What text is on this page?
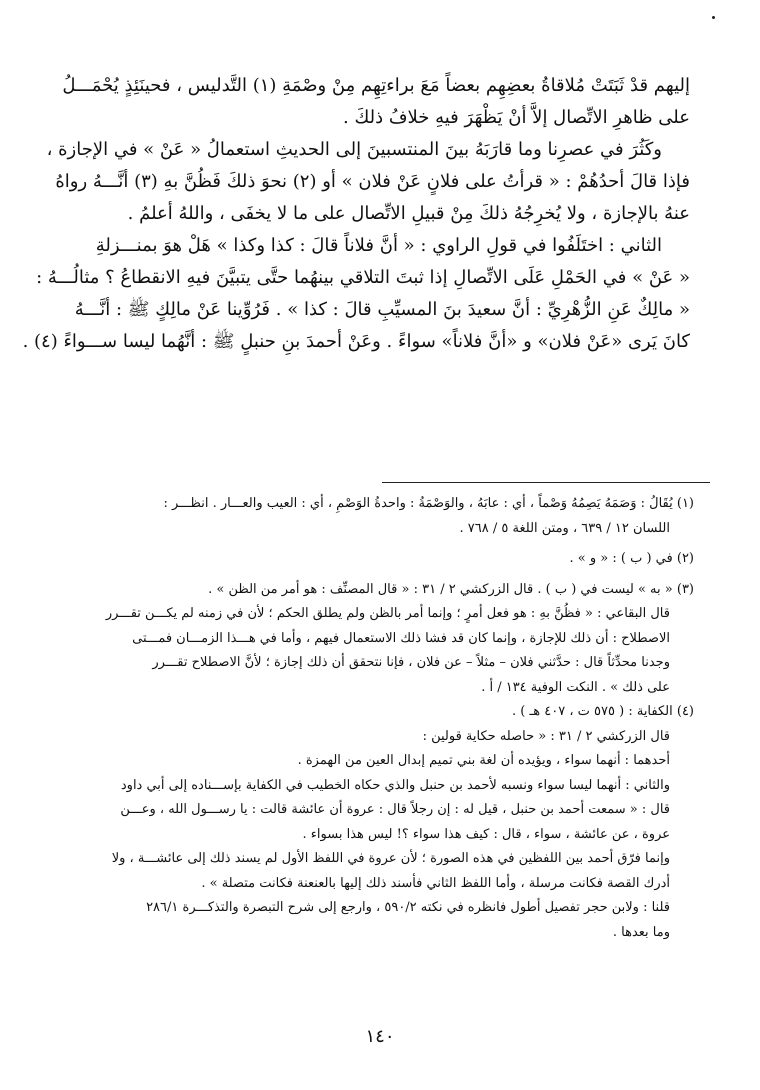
إليهم قدْ ثَبَتَتْ مُلاقاةُ بعضِهِم بعضاً مَعَ براءتِهِم مِنْ وصْمَةِ (١) التَّدليس ، فحينَئِذٍ يُحْمَـــلُ

على ظاهرِ الاتِّصال إلاَّ أنْ يَظْهَرَ فيهِ خلافُ ذلكَ .

وكَثُرَ في عصرِنا وما قارَبَهُ بينَ المنتسبينَ إلى الحديثِ استعمالُ « عَنْ » في الإجازة ،

فإذا قالَ أحدُهُمْ : « قرأتُ على فلانٍ عَنْ فلان » أو (٢) نحوَ ذلكَ فَظُنَّ بهِ (٣) أنَّـــهُ رواهُ

عنهُ بالإجازة ، ولا يُخرِجُهُ ذلكَ مِنْ قبيلِ الاتِّصال على ما لا يخفَى ، واللهُ أعلمُ .

الثاني : اختَلَفُوا في قولِ الراوي : « أنَّ فلاناً قالَ : كذا وكذا » هَلْ هوَ بمنـــزلةِ

« عَنْ » في الحَمْلِ عَلَى الاتِّصالِ إذا ثبتَ التلاقي بينهُما حتَّى يتبيَّنَ فيهِ الانقطاعُ ؟ مثالُـــهُ :

« مالِكٌ عَنِ الزُّهْرِيِّ : أنَّ سعيدَ بنَ المسيِّبِ قالَ : كذا » . فَرُوِّينا عَنْ مالِكٍ ﷺ : أنَّـــهُ

كانَ يَرى «عَنْ فلان» و «أنَّ فلاناً» سواءً . وعَنْ أحمدَ بنِ حنبلٍ ﷺ : أنَّهُما ليسا ســـواءً (٤) .

(١) يُقَالُ : وَصَمَهُ يَصِمُهُ وَصْماً ، أي : عابَهُ ، والوَصْمَةُ : واحدةُ الوَصْمِ ، أي : العيب والعـــار . انظـــر :

اللسان ١٢ / ٦٣٩ ، ومتن اللغة ٥ / ٧٦٨ .

(٢) في ( ب ) : « و » .

(٣) « به » ليست في ( ب ) . قال الزركشي ٢ / ٣١ : « قال المصنِّف : هو أمر من الظن » .

قال البقاعي : « فظُنَّ بهِ : هو فعل أمرٍ ؛ وإنما أمر بالظن ولم يطلق الحكم ؛ لأن في زمنه لم يكـــن تقـــرر

الاصطلاح : أن ذلك للإجازة ، وإنما كان قد فشا ذلك الاستعمال فيهم ، وأما في هـــذا الزمـــان فمـــتى

وجدنا محدِّثاً قال : حدَّثني فلان – مثلاً – عن فلان ، فإنا نتحقق أن ذلك إجازة ؛ لأنَّ الاصطلاح تقـــرر

على ذلك » . النكت الوفية ١٣٤ / أ .

(٤) الكفاية : ( ٥٧٥ ت ، ٤٠٧ هـ ) .

قال الزركشي ٢ / ٣١ : « حاصله حكاية قولين :

أحدهما : أنهما سواء ، ويؤيده أن لغة بني تميم إبدال العين من الهمزة .

والثاني : أنهما ليسا سواء ونسبه لأحمد بن حنبل والذي حكاه الخطيب في الكفاية بإســـناده إلى أبي داود

قال : « سمعت أحمد بن حنبل ، قيل له : إن رجلاً قال : عروة أن عائشة قالت : يا رســـول الله ، وعـــن

عروة ، عن عائشة ، سواء ، قال : كيف هذا سواء ؟! ليس هذا بسواء .

وإنما فرّق أحمد بين اللفظين في هذه الصورة ؛ لأن عروة في اللفظ الأول لم يسند ذلك إلى عائشـــة ، ولا

أدرك القصة فكانت مرسلة ، وأما اللفظ الثاني فأسند ذلك إليها بالعنعنة فكانت متصلة » .

قلنا : ولابن حجر تفصيل أطول فانظره في نكته ٥٩٠/٢ ، وارجع إلى شرح التبصرة والتذكـــرة ٢٨٦/١

وما بعدها .

١٤٠
